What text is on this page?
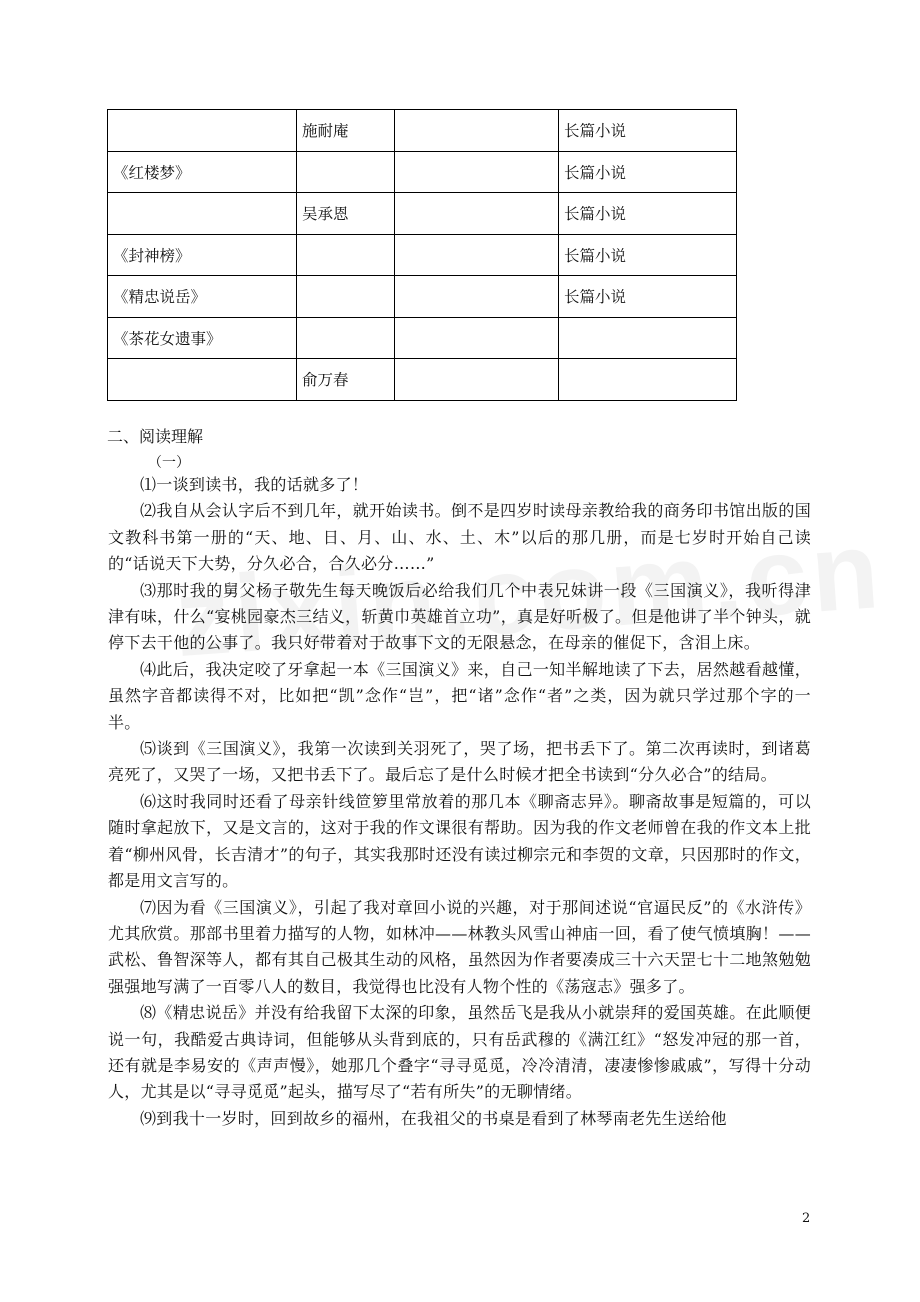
	施耐庵		长篇小说
《红楼梦》			长篇小说
	吴承恩		长篇小说
《封神榜》			长篇小说
《精忠说岳》			长篇小说
《茶花女遗事》			
	俞万春		
二、阅读理解
（一）

⑴一谈到读书，我的话就多了！

⑵我自从会认字后不到几年，就开始读书。倒不是四岁时读母亲教给我的商务印书馆出版的国文教科书第一册的“天、地、日、月、山、水、土、木”以后的那几册，而是七岁时开始自己读的“话说天下大势，分久必合，合久必分……”

⑶那时我的舅父杨子敬先生每天晚饭后必给我们几个中表兄妹讲一段《三国演义》，我听得津津有味，什么“宴桃园豪杰三结义，斩黄巾英雄首立功”，真是好听极了。但是他讲了半个钟头，就停下去干他的公事了。我只好带着对于故事下文的无限悬念，在母亲的催促下，含泪上床。

⑷此后，我决定咬了牙拿起一本《三国演义》来，自己一知半解地读了下去，居然越看越懂，虽然字音都读得不对，比如把“凯”念作“岂”，把“诸”念作“者”之类，因为就只学过那个字的一半。

⑸谈到《三国演义》，我第一次读到关羽死了，哭了场，把书丢下了。第二次再读时，到诸葛亮死了，又哭了一场，又把书丢下了。最后忘了是什么时候才把全书读到“分久必合”的结局。

⑹这时我同时还看了母亲针线笸箩里常放着的那几本《聊斋志异》。聊斋故事是短篇的，可以随时拿起放下，又是文言的，这对于我的作文课很有帮助。因为我的作文老师曾在我的作文本上批着“柳州风骨，长吉清才”的句子，其实我那时还没有读过柳宗元和李贺的文章，只因那时的作文，都是用文言写的。

⑺因为看《三国演义》，引起了我对章回小说的兴趣，对于那间述说“官逼民反”的《水浒传》尤其欣赏。那部书里着力描写的人物，如林冲——林教头风雪山神庙一回，看了使气愤填胸！——武松、鲁智深等人，都有其自己极其生动的风格，虽然因为作者要凑成三十六天罡七十二地煞勉勉强强地写满了一百零八人的数目，我觉得也比没有人物个性的《荡寇志》强多了。

⑻《精忠说岳》并没有给我留下太深的印象，虽然岳飞是我从小就崇拜的爱国英雄。在此顺便说一句，我酷爱古典诗词，但能够从头背到底的，只有岳武穆的《满江红》“怒发冲冠的那一首，还有就是李易安的《声声慢》，她那几个叠字“寻寻觅觅，冷冷清清，凄凄惨惨戚戚”，写得十分动人，尤其是以“寻寻觅觅”起头，描写尽了“若有所失”的无聊情绪。

⑼到我十一岁时，回到故乡的福州，在我祖父的书桌是看到了林琴南老先生送给他

2
